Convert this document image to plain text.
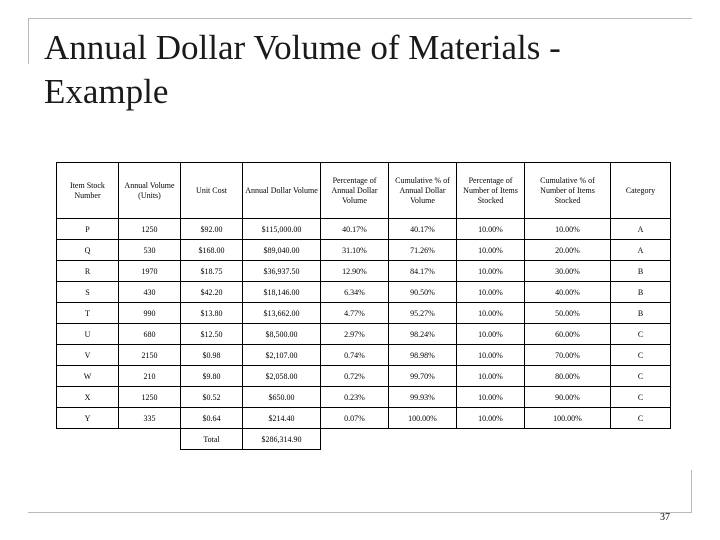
Annual Dollar Volume of Materials - Example
Item Stock Number	Annual Volume (Units)	Unit Cost	Annual Dollar Volume	Percentage of Annual Dollar Volume	Cumulative % of Annual Dollar Volume	Percentage of Number of Items Stocked	Cumulative % of Number of Items Stocked	Category
P	1250	$92.00	$115,000.00	40.17%	40.17%	10.00%	10.00%	A
Q	530	$168.00	$89,040.00	31.10%	71.26%	10.00%	20.00%	A
R	1970	$18.75	$36,937.50	12.90%	84.17%	10.00%	30.00%	B
S	430	$42.20	$18,146.00	6.34%	90.50%	10.00%	40.00%	B
T	990	$13.80	$13,662.00	4.77%	95.27%	10.00%	50.00%	B
U	680	$12.50	$8,500.00	2.97%	98.24%	10.00%	60.00%	C
V	2150	$0.98	$2,107.00	0.74%	98.98%	10.00%	70.00%	C
W	210	$9.80	$2,058.00	0.72%	99.70%	10.00%	80.00%	C
X	1250	$0.52	$650.00	0.23%	99.93%	10.00%	90.00%	C
Y	335	$0.64	$214.40	0.07%	100.00%	10.00%	100.00%	C
		Total	$286,314.90					
37
